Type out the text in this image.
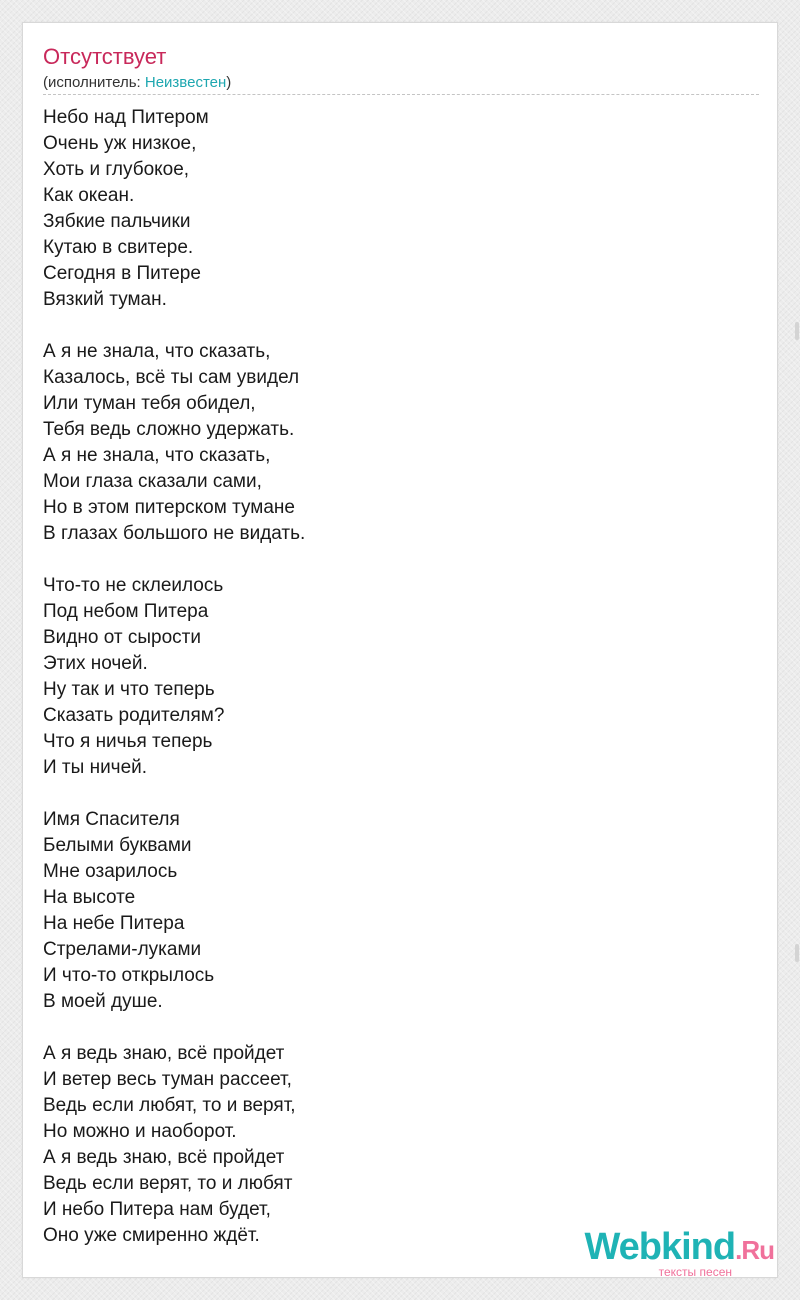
Отсутствует
(исполнитель: Неизвестен)
Небо над Питером
Очень уж низкое,
Хоть и глубокое,
Как океан.
Зябкие пальчики
Кутаю в свитере.
Сегодня в Питере
Вязкий туман.
А я не знала, что сказать,
Казалось, всё ты сам увидел
Или туман тебя обидел,
Тебя ведь сложно удержать.
А я не знала, что сказать,
Мои глаза сказали сами,
Но в этом питерском тумане
В глазах большого не видать.
Что-то не склеилось
Под небом Питера
Видно от сырости
Этих ночей.
Ну так и что теперь
Сказать родителям?
Что я ничья теперь
И ты ничей.
Имя Спасителя
Белыми буквами
Мне озарилось
На высоте
На небе Питера
Стрелами-луками
И что-то открылось
В моей душе.
А я ведь знаю, всё пройдет
И ветер весь туман рассеет,
Ведь если любят, то и верят,
Но можно и наоборот.
А я ведь знаю, всё пройдет
Ведь если верят, то и любят
И небо Питера нам будет,
Оно уже смиренно ждёт.	Webkind.Ru
тексты песен
